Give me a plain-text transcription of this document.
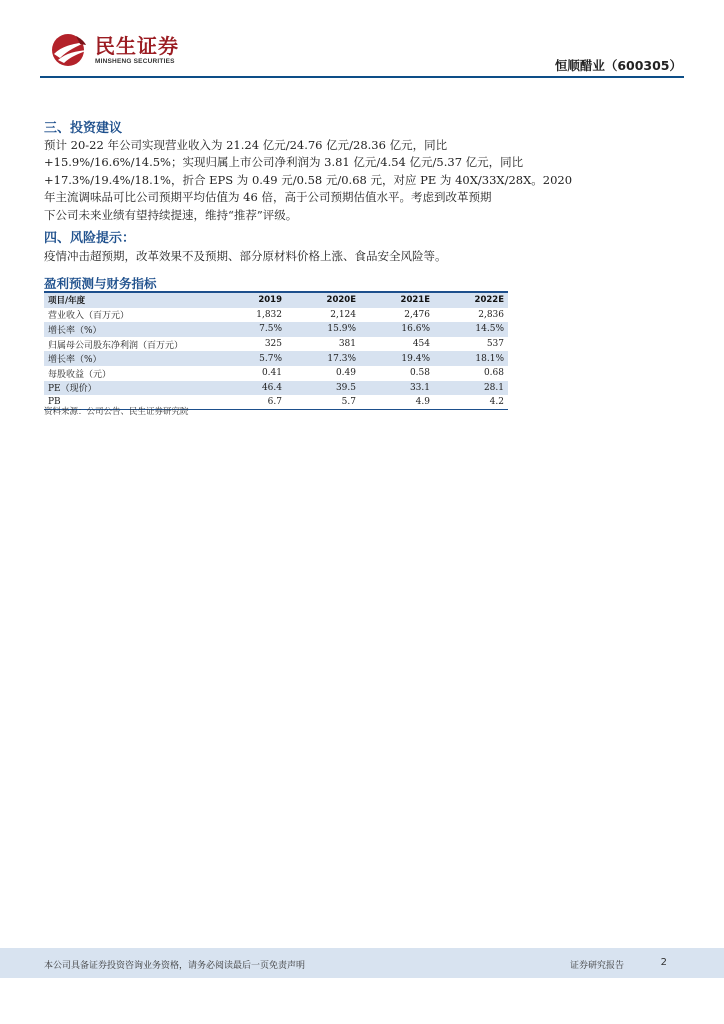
民生证券
MINSHENG SECURITIES	恒顺醋业（600305）
三、投资建议
预计 20-22 年公司实现营业收入为 21.24 亿元/24.76 亿元/28.36 亿元，同比
+15.9%/16.6%/14.5%；实现归属上市公司净利润为 3.81 亿元/4.54 亿元/5.37 亿元，同比
+17.3%/19.4%/18.1%，折合 EPS 为 0.49 元/0.58 元/0.68 元，对应 PE 为 40X/33X/28X。2020
年主流调味品可比公司预期平均估值为 46 倍，高于公司预期估值水平。考虑到改革预期
下公司未来业绩有望持续提速，维持“推荐”评级。
四、风险提示：
疫情冲击超预期，改革效果不及预期、部分原材料价格上涨、食品安全风险等。
盈利预测与财务指标
项目/年度	2019	2020E	2021E	2022E
营业收入（百万元）	1,832	2,124	2,476	2,836
增长率（%）	7.5%	15.9%	16.6%	14.5%
归属母公司股东净利润（百万元）	325	381	454	537
增长率（%）	5.7%	17.3%	19.4%	18.1%
每股收益（元）	0.41	0.49	0.58	0.68
PE（现价）	46.4	39.5	33.1	28.1
PB	6.7	5.7	4.9	4.2
资料来源：公司公告、民生证券研究院
本公司具备证券投资咨询业务资格，请务必阅读最后一页免责声明	证券研究报告	2
